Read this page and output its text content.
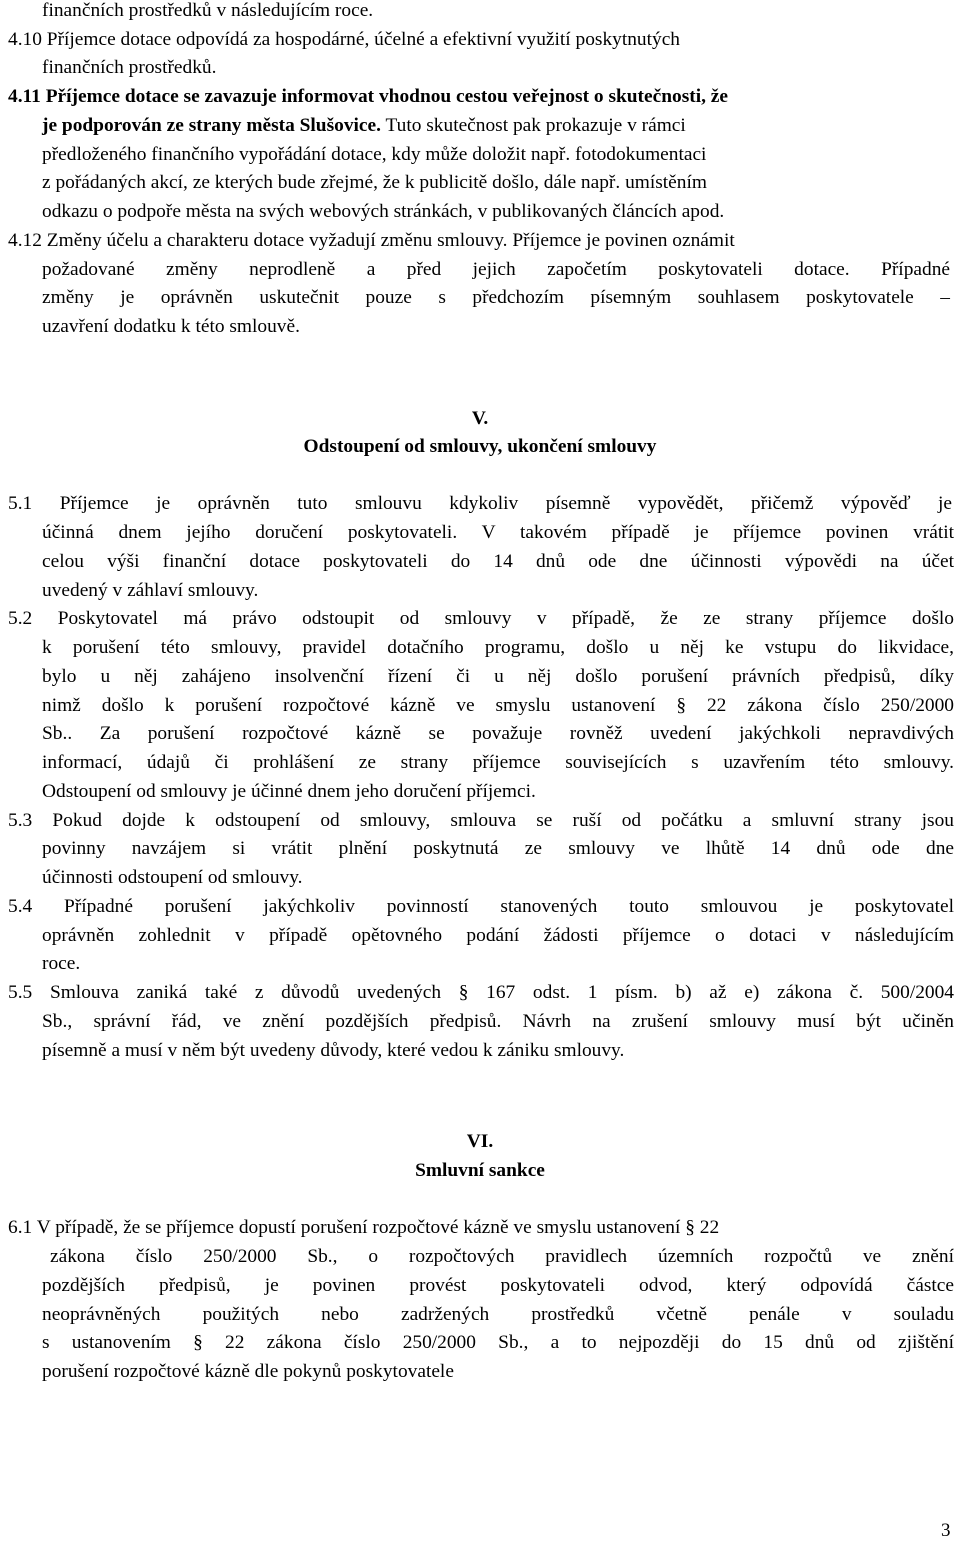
finančních prostředků v následujícím roce.
4.10 Příjemce dotace odpovídá za hospodárné, účelné a efektivní využití poskytnutých
finančních prostředků.
4.11 Příjemce dotace se zavazuje informovat vhodnou cestou veřejnost o skutečnosti, že
je podporován ze strany města Slušovice. Tuto skutečnost pak prokazuje v rámci
předloženého finančního vypořádání dotace, kdy může doložit např. fotodokumentaci
z pořádaných akcí, ze kterých bude zřejmé, že k publicitě došlo, dále např. umístěním
odkazu o podpoře města na svých webových stránkách, v publikovaných článcích apod.
4.12 Změny účelu a charakteru dotace vyžadují změnu smlouvy. Příjemce je povinen oznámit
požadované změny neprodleně a před jejich započetím poskytovateli dotace. Případné
změny je oprávněn uskutečnit pouze s předchozím písemným souhlasem poskytovatele –
uzavření dodatku k této smlouvě.
V.
Odstoupení od smlouvy, ukončení smlouvy
5.1 Příjemce je oprávněn tuto smlouvu kdykoliv písemně vypovědět, přičemž výpověď je
účinná dnem jejího doručení poskytovateli. V takovém případě je příjemce povinen vrátit
celou výši finanční dotace poskytovateli do 14 dnů ode dne účinnosti výpovědi na účet
uvedený v záhlaví smlouvy.
5.2 Poskytovatel má právo odstoupit od smlouvy v případě, že ze strany příjemce došlo
k porušení této smlouvy, pravidel dotačního programu, došlo u něj ke vstupu do likvidace,
bylo u něj zahájeno insolvenční řízení či u něj došlo porušení právních předpisů, díky
nimž došlo k porušení rozpočtové kázně ve smyslu ustanovení § 22 zákona číslo 250/2000
Sb.. Za porušení rozpočtové kázně se považuje rovněž uvedení jakýchkoli nepravdivých
informací, údajů či prohlášení ze strany příjemce souvisejících s uzavřením této smlouvy.
Odstoupení od smlouvy je účinné dnem jeho doručení příjemci.
5.3 Pokud dojde k odstoupení od smlouvy, smlouva se ruší od počátku a smluvní strany jsou
povinny navzájem si vrátit plnění poskytnutá ze smlouvy ve lhůtě 14 dnů ode dne
účinnosti odstoupení od smlouvy.
5.4 Případné porušení jakýchkoliv povinností stanovených touto smlouvou je poskytovatel
oprávněn zohlednit v případě opětovného podání žádosti příjemce o dotaci v následujícím
roce.
5.5 Smlouva zaniká také z důvodů uvedených § 167 odst. 1 písm. b) až e) zákona č. 500/2004
Sb., správní řád, ve znění pozdějších předpisů. Návrh na zrušení smlouvy musí být učiněn
písemně a musí v něm být uvedeny důvody, které vedou k zániku smlouvy.
VI.
Smluvní sankce
6.1 V případě, že se příjemce dopustí porušení rozpočtové kázně ve smyslu ustanovení § 22
zákona číslo 250/2000 Sb., o rozpočtových pravidlech územních rozpočtů ve znění
pozdějších předpisů, je povinen provést poskytovateli odvod, který odpovídá částce
neoprávněných použitých nebo zadržených prostředků včetně penále v souladu
s ustanovením § 22 zákona číslo 250/2000 Sb., a to nejpozději do 15 dnů od zjištění
porušení rozpočtové kázně dle pokynů poskytovatele
3
